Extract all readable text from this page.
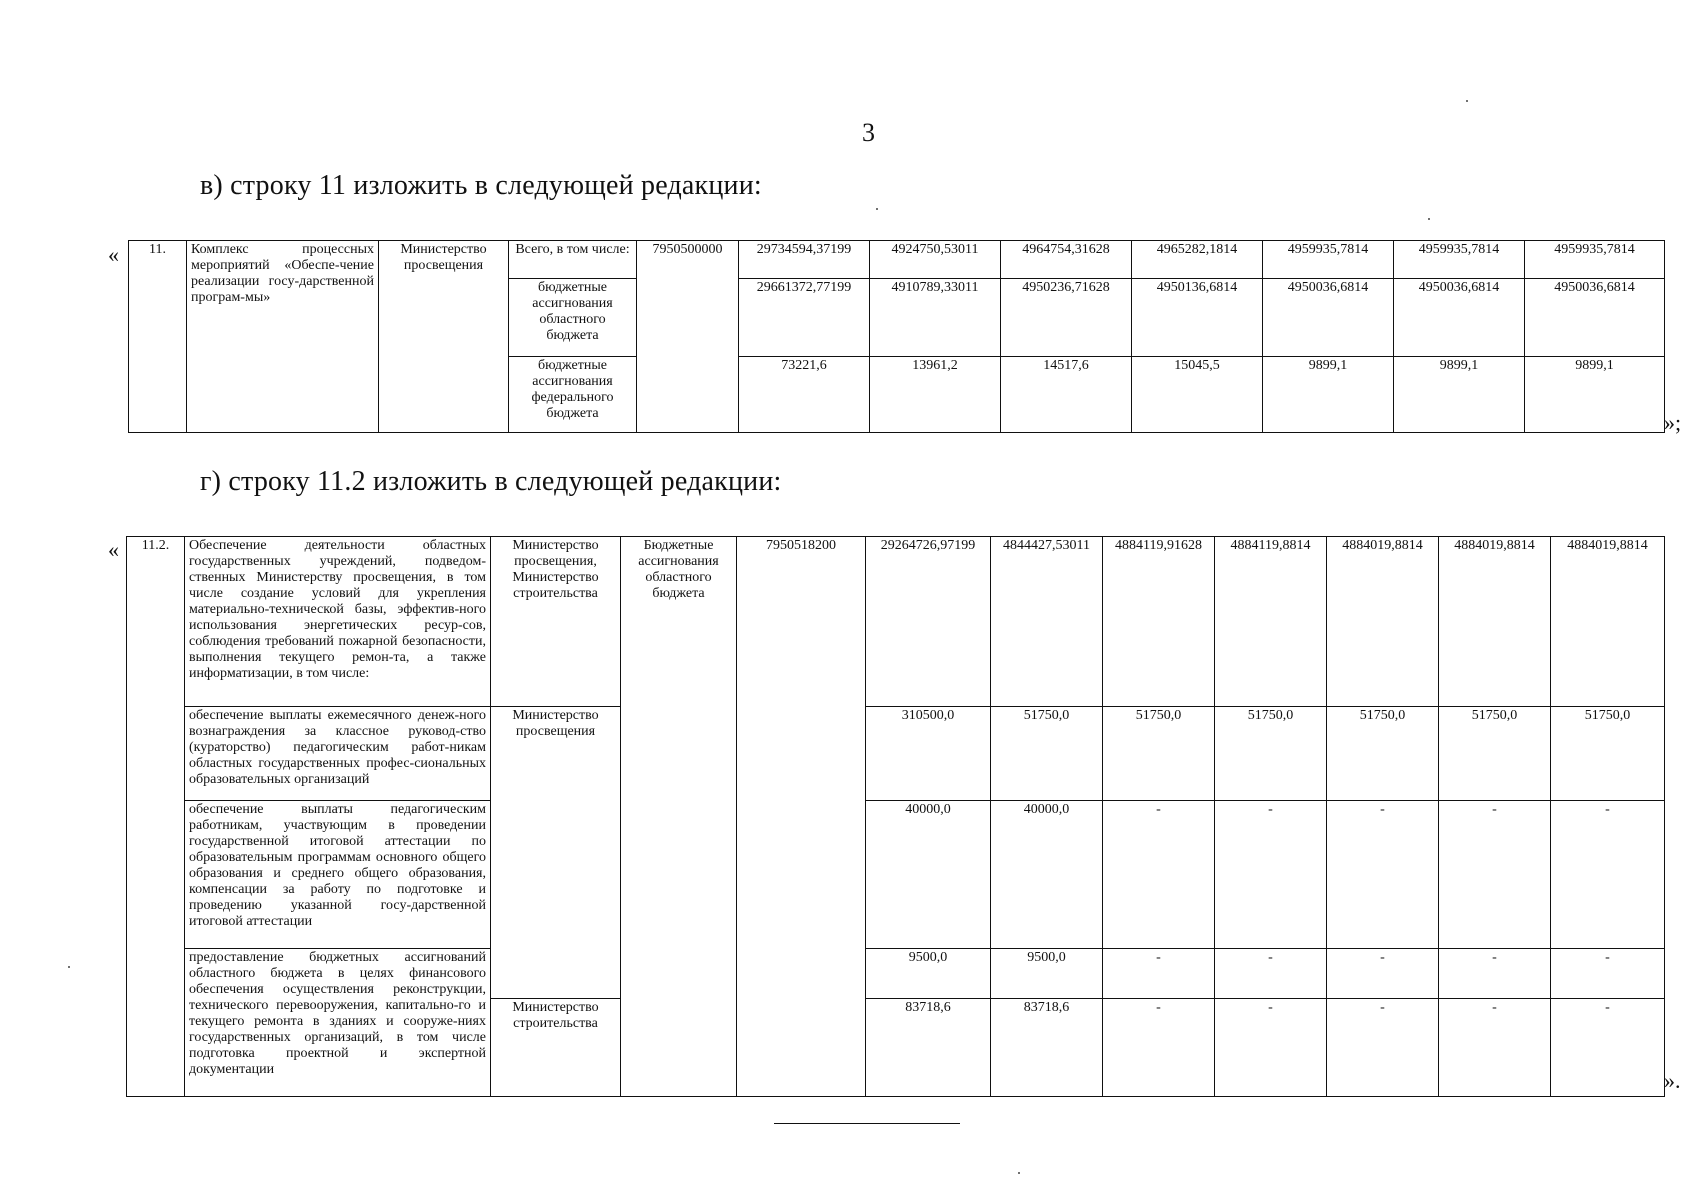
3
в) строку 11 изложить в следующей редакции:
«
»;
11.	Комплекс процессных мероприятий «Обеспе-чение реализации госу-дарственной програм-мы»	Министерство просвещения	Всего, в том числе:	7950500000	29734594,37199	4924750,53011	4964754,31628	4965282,1814	4959935,7814	4959935,7814	4959935,7814
			бюджетные ассигнования областного бюджета		29661372,77199	4910789,33011	4950236,71628	4950136,6814	4950036,6814	4950036,6814	4950036,6814
			бюджетные ассигнования федерального бюджета		73221,6	13961,2	14517,6	15045,5	9899,1	9899,1	9899,1
г) строку 11.2 изложить в следующей редакции:
«
».
11.2.	Обеспечение деятельности областных государственных учреждений, подведом-ственных Министерству просвещения, в том числе создание условий для укрепления материально-технической базы, эффектив-ного использования энергетических ресур-сов, соблюдения требований пожарной безопасности, выполнения текущего ремон-та, а также информатизации, в том числе:	Министерство просвещения, Министерство строительства	Бюджетные ассигнования областного бюджета	7950518200	29264726,97199	4844427,53011	4884119,91628	4884119,8814	4884019,8814	4884019,8814	4884019,8814
	обеспечение выплаты ежемесячного денеж-ного вознаграждения за классное руковод-ство (кураторство) педагогическим работ-никам областных государственных профес-сиональных образовательных организаций	Министерство просвещения			310500,0	51750,0	51750,0	51750,0	51750,0	51750,0	51750,0
	обеспечение выплаты педагогическим работникам, участвующим в проведении государственной итоговой аттестации по образовательным программам основного общего образования и среднего общего образования, компенсации за работу по подготовке и проведению указанной госу-дарственной итоговой аттестации				40000,0	40000,0	-	-	-	-	-
	предоставление бюджетных ассигнований областного бюджета в целях финансового обеспечения осуществления реконструкции, технического перевооружения, капитально-го и текущего ремонта в зданиях и сооруже-ниях государственных организаций, в том числе подготовка проектной и экспертной документации				9500,0	9500,0	-	-	-	-	-
		Министерство строительства			83718,6	83718,6	-	-	-	-	-
